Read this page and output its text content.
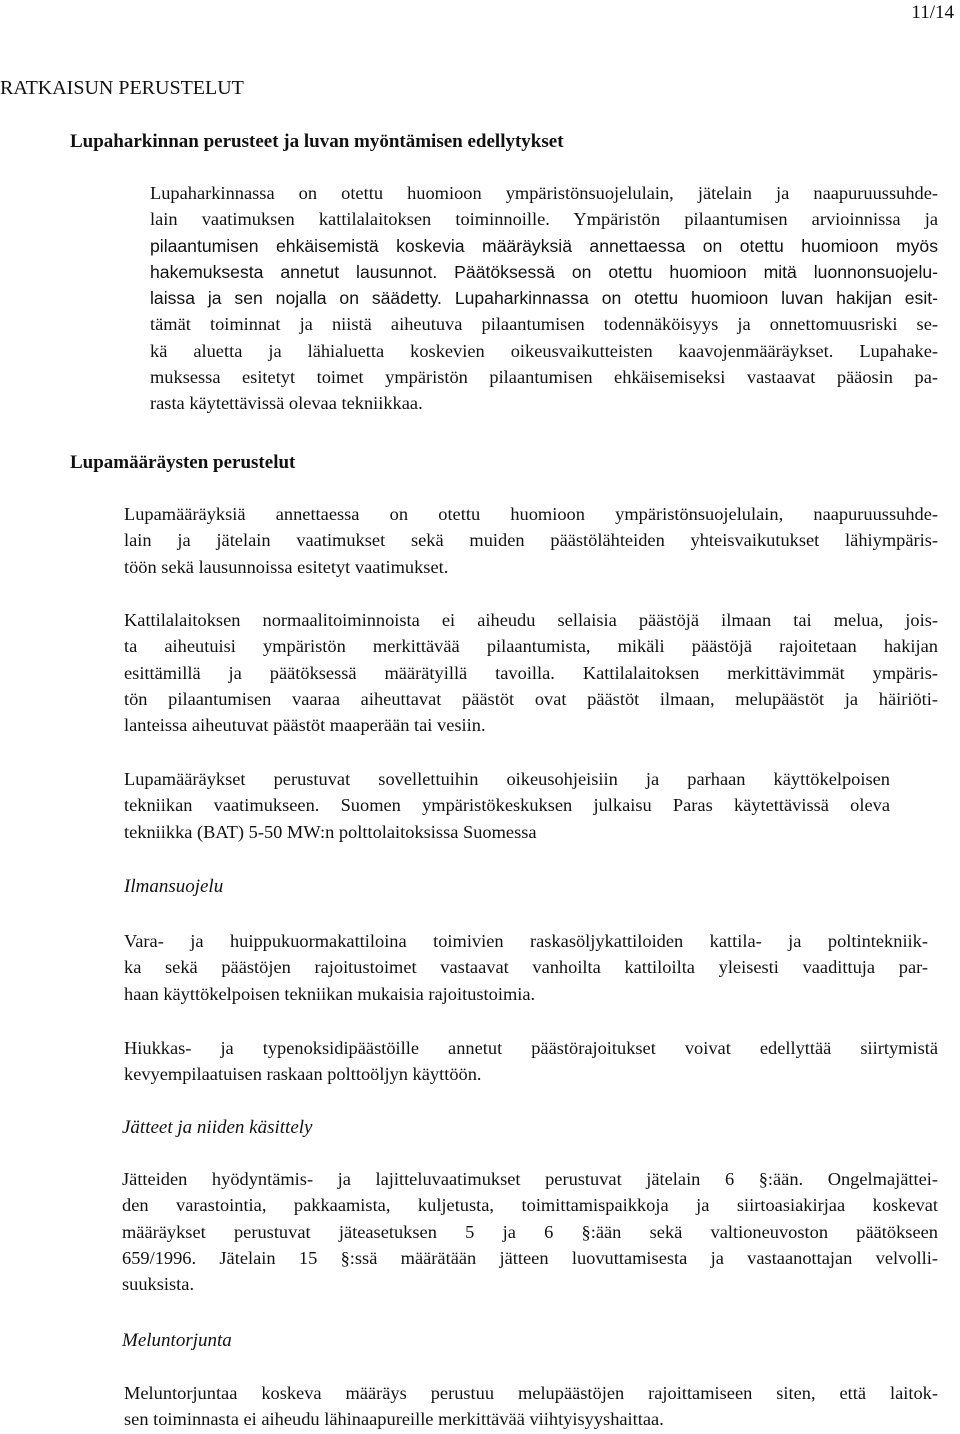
11/14
RATKAISUN PERUSTELUT
Lupaharkinnan perusteet ja luvan myöntämisen edellytykset

Lupaharkinnassa on otettu huomioon ympäristönsuojelulain, jätelain ja naapuruussuhde-
lain vaatimuksen kattilalaitoksen toiminnoille. Ympäristön pilaantumisen arvioinnissa ja
pilaantumisen ehkäisemistä koskevia määräyksiä annettaessa on otettu huomioon myös
hakemuksesta annetut lausunnot. Päätöksessä on otettu huomioon mitä luonnonsuojelu-
laissa ja sen nojalla on säädetty. Lupaharkinnassa on otettu huomioon luvan hakijan esit-
tämät toiminnat ja niistä aiheutuva pilaantumisen todennäköisyys ja onnettomuusriski se-
kä aluetta ja lähialuetta koskevien oikeusvaikutteisten kaavojenmääräykset. Lupahake-
muksessa esitetyt toimet ympäristön pilaantumisen ehkäisemiseksi vastaavat pääosin pa-
rasta käytettävissä olevaa tekniikkaa.

Lupamääräysten perustelut

Lupamääräyksiä annettaessa on otettu huomioon ympäristönsuojelulain, naapuruussuhde-
lain ja jätelain vaatimukset sekä muiden päästölähteiden yhteisvaikutukset lähiympäris-
töön sekä lausunnoissa esitetyt vaatimukset.

Kattilalaitoksen normaalitoiminnoista ei aiheudu sellaisia päästöjä ilmaan tai melua, jois-
ta aiheutuisi ympäristön merkittävää pilaantumista, mikäli päästöjä rajoitetaan hakijan
esittämillä ja päätöksessä määrätyillä tavoilla. Kattilalaitoksen merkittävimmät ympäris-
tön pilaantumisen vaaraa aiheuttavat päästöt ovat päästöt ilmaan, melupäästöt ja häiriöti-
lanteissa aiheutuvat päästöt maaperään tai vesiin.

Lupamääräykset perustuvat sovellettuihin oikeusohjeisiin ja parhaan käyttökelpoisen
tekniikan vaatimukseen. Suomen ympäristökeskuksen julkaisu Paras käytettävissä oleva
tekniikka (BAT) 5-50 MW:n polttolaitoksissa Suomessa

Ilmansuojelu

Vara- ja huippukuormakattiloina toimivien raskasöljykattiloiden kattila- ja poltintekniik-
ka sekä päästöjen rajoitustoimet vastaavat vanhoilta kattiloilta yleisesti vaadittuja par-
haan käyttökelpoisen tekniikan mukaisia rajoitustoimia.

Hiukkas- ja typenoksidipäästöille annetut päästörajoitukset voivat edellyttää siirtymistä
kevyempilaatuisen raskaan polttoöljyn käyttöön.

Jätteet ja niiden käsittely

Jätteiden hyödyntämis- ja lajitteluvaatimukset perustuvat jätelain 6 §:ään. Ongelmajättei-
den varastointia, pakkaamista, kuljetusta, toimittamispaikkoja ja siirtoasiakirjaa koskevat
määräykset perustuvat jäteasetuksen 5 ja 6 §:ään sekä valtioneuvoston päätökseen
659/1996. Jätelain 15 §:ssä määrätään jätteen luovuttamisesta ja vastaanottajan velvolli-
suuksista.

Meluntorjunta

Meluntorjuntaa koskeva määräys perustuu melupäästöjen rajoittamiseen siten, että laitok-
sen toiminnasta ei aiheudu lähinaapureille merkittävää viihtyisyyshaittaa.
